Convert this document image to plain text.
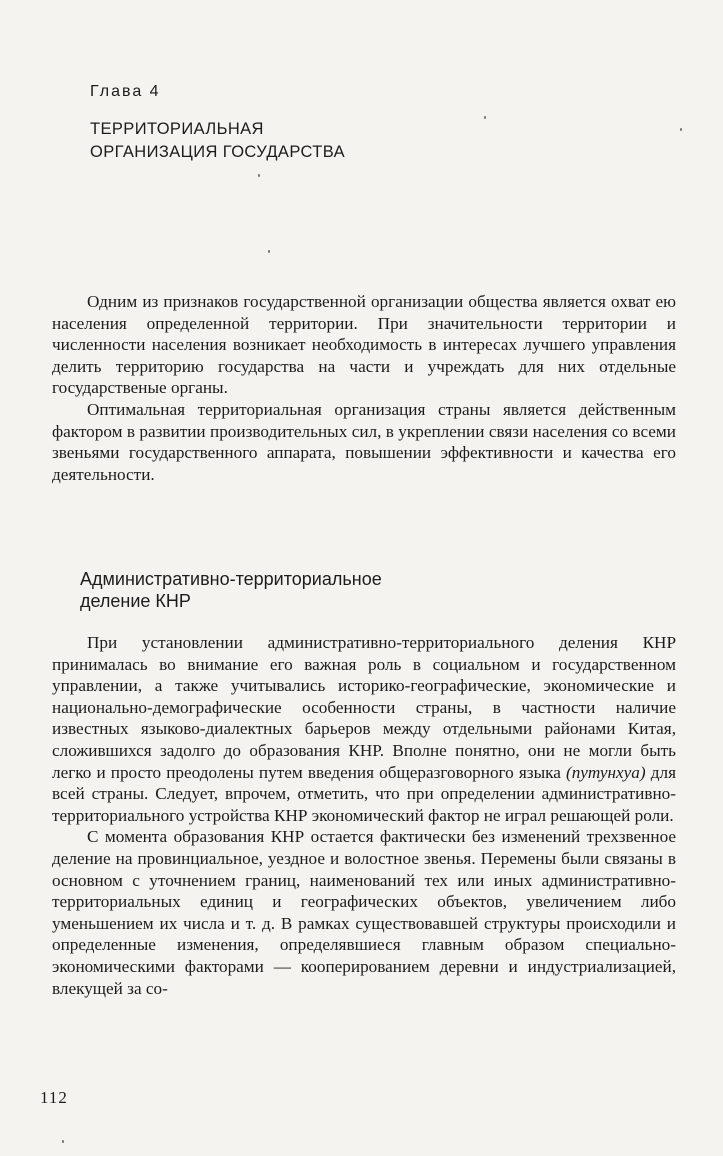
Глава 4

ТЕРРИТОРИАЛЬНАЯ
ОРГАНИЗАЦИЯ ГОСУДАРСТВА

Одним из признаков государственной организации общества является охват ею населения определенной территории. При значительности территории и численности населения возникает необходимость в интересах лучшего управления делить территорию государства на части и учреждать для них отдельные государственые органы.

Оптимальная территориальная организация страны является действенным фактором в развитии производительных сил, в укреплении связи населения со всеми звеньями государственного аппарата, повышении эффективности и качества его деятельности.

Административно-территориальное
деление КНР

При установлении административно-территориального деления КНР принималась во внимание его важная роль в социальном и государственном управлении, а также учитывались историко-географические, экономические и национально-демографические особенности страны, в частности наличие известных языково-диалектных барьеров между отдельными районами Китая, сложившихся задолго до образования КНР. Вполне понятно, они не могли быть легко и просто преодолены путем введения общеразговорного языка (путунхуа) для всей страны. Следует, впрочем, отметить, что при определении административно-территориального устройства КНР экономический фактор не играл решающей роли.

С момента образования КНР остается фактически без изменений трехзвенное деление на провинциальное, уездное и волостное звенья. Перемены были связаны в основном с уточнением границ, наименований тех или иных административно-территориальных единиц и географических объектов, увеличением либо уменьшением их числа и т. д. В рамках существовавшей структуры происходили и определенные изменения, определявшиеся главным образом специально-экономическими факторами — кооперированием деревни и индустриализацией, влекущей за со-

112
